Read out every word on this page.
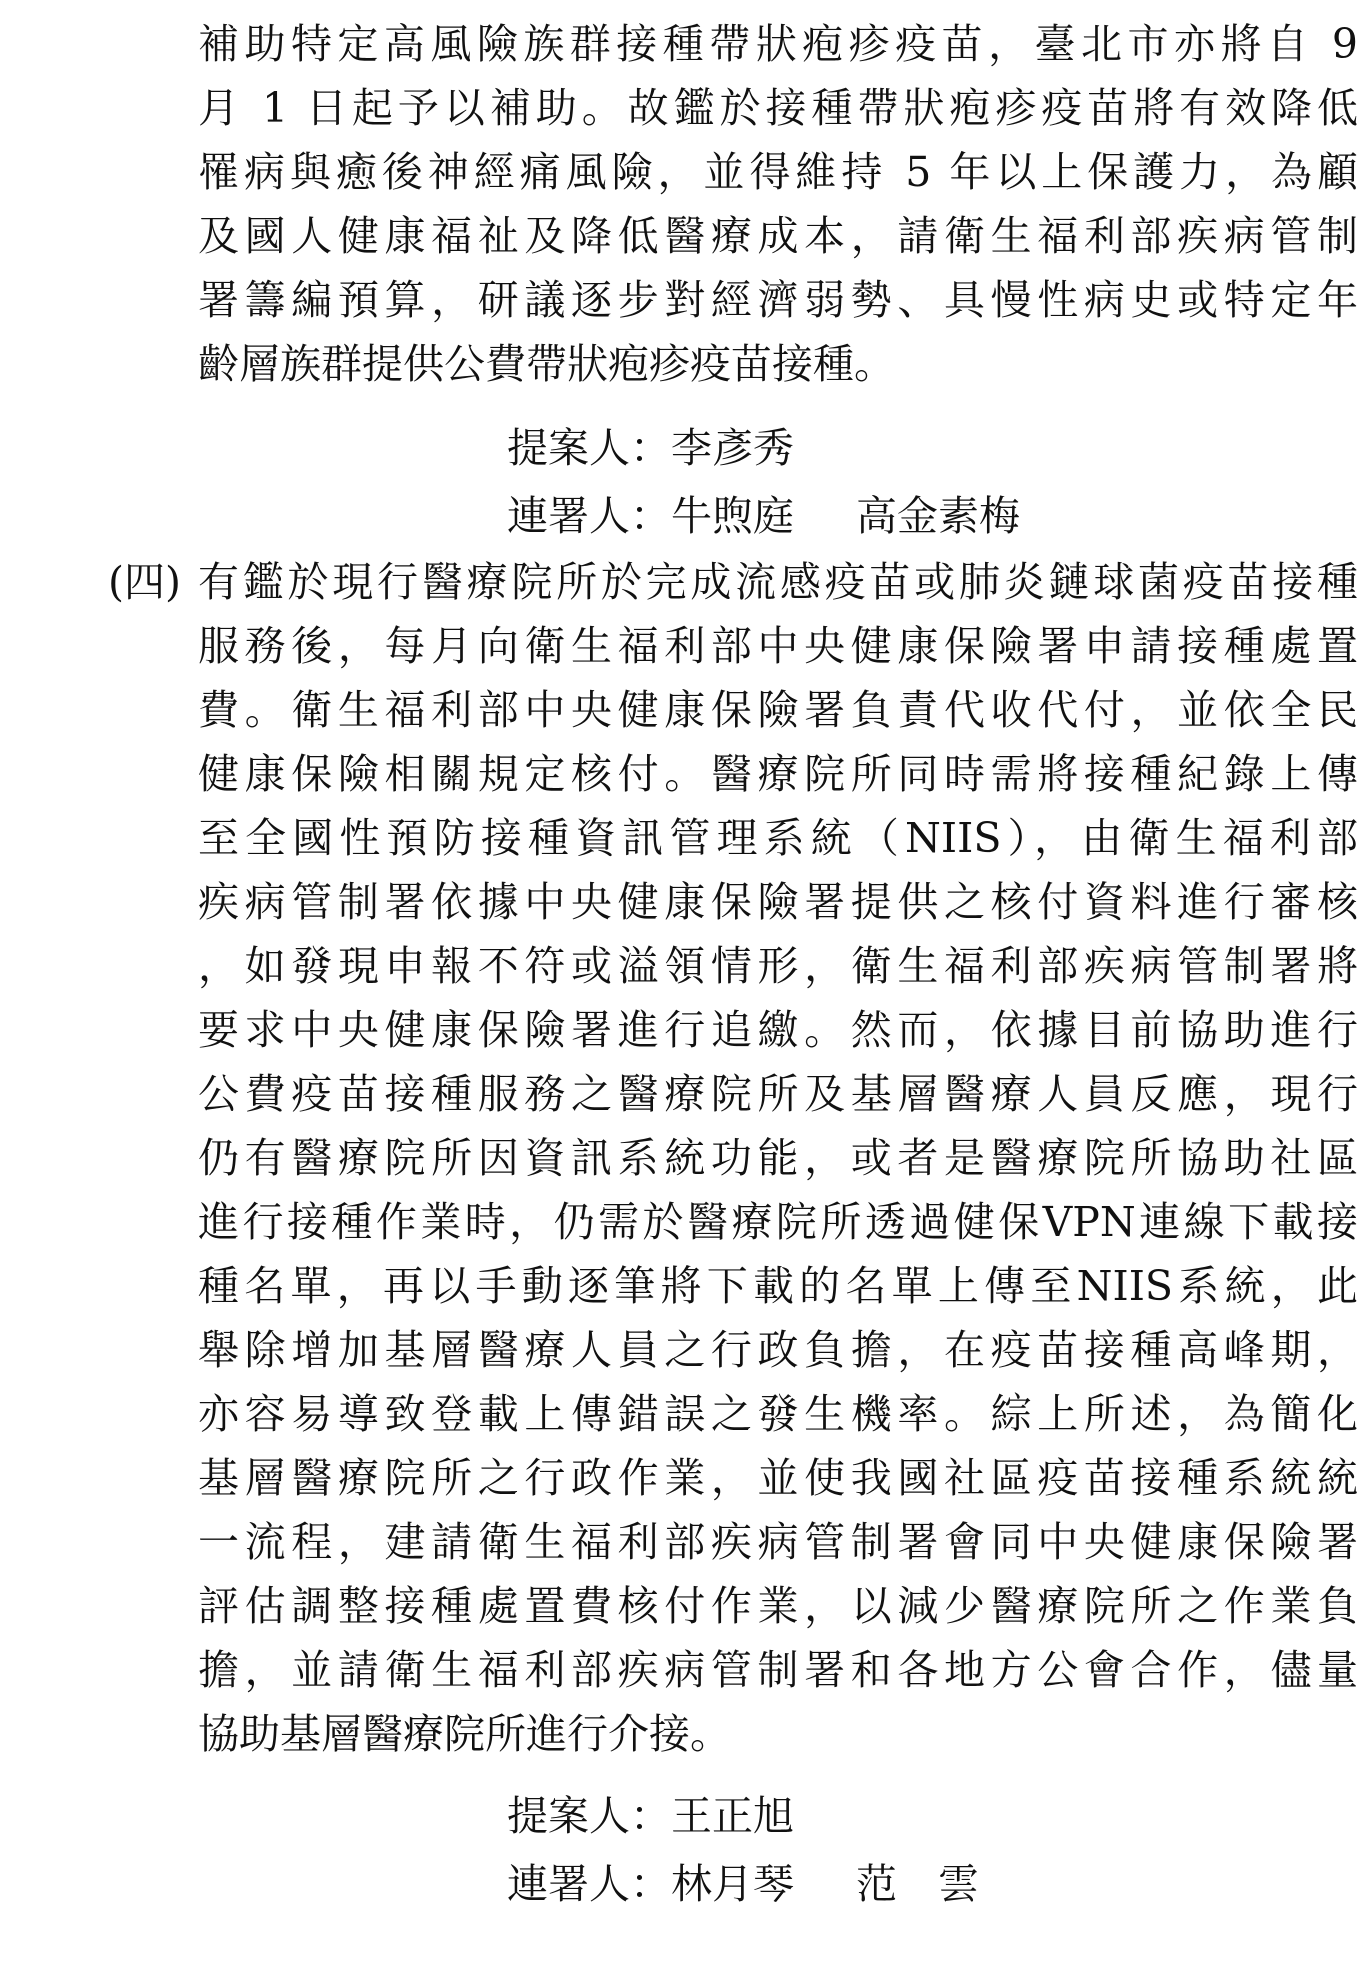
補助特定高風險族群接種帶狀疱疹疫苗，臺北市亦將自 9
月 1 日起予以補助。故鑑於接種帶狀疱疹疫苗將有效降低
罹病與癒後神經痛風險，並得維持 5 年以上保護力，為顧
及國人健康福祉及降低醫療成本，請衛生福利部疾病管制
署籌編預算，研議逐步對經濟弱勢、具慢性病史或特定年
齡層族群提供公費帶狀疱疹疫苗接種。
提案人：李彥秀
連署人：牛煦庭 高金素梅
(四) 有鑑於現行醫療院所於完成流感疫苗或肺炎鏈球菌疫苗接種
服務後，每月向衛生福利部中央健康保險署申請接種處置
費。衛生福利部中央健康保險署負責代收代付，並依全民
健康保險相關規定核付。醫療院所同時需將接種紀錄上傳
至全國性預防接種資訊管理系統（NIIS），由衛生福利部
疾病管制署依據中央健康保險署提供之核付資料進行審核
，如發現申報不符或溢領情形，衛生福利部疾病管制署將
要求中央健康保險署進行追繳。然而，依據目前協助進行
公費疫苗接種服務之醫療院所及基層醫療人員反應，現行
仍有醫療院所因資訊系統功能，或者是醫療院所協助社區
進行接種作業時，仍需於醫療院所透過健保VPN連線下載接
種名單，再以手動逐筆將下載的名單上傳至NIIS系統，此
舉除增加基層醫療人員之行政負擔，在疫苗接種高峰期，
亦容易導致登載上傳錯誤之發生機率。綜上所述，為簡化
基層醫療院所之行政作業，並使我國社區疫苗接種系統統
一流程，建請衛生福利部疾病管制署會同中央健康保險署
評估調整接種處置費核付作業，以減少醫療院所之作業負
擔，並請衛生福利部疾病管制署和各地方公會合作，儘量
協助基層醫療院所進行介接。
提案人：王正旭
連署人：林月琴 范　雲
